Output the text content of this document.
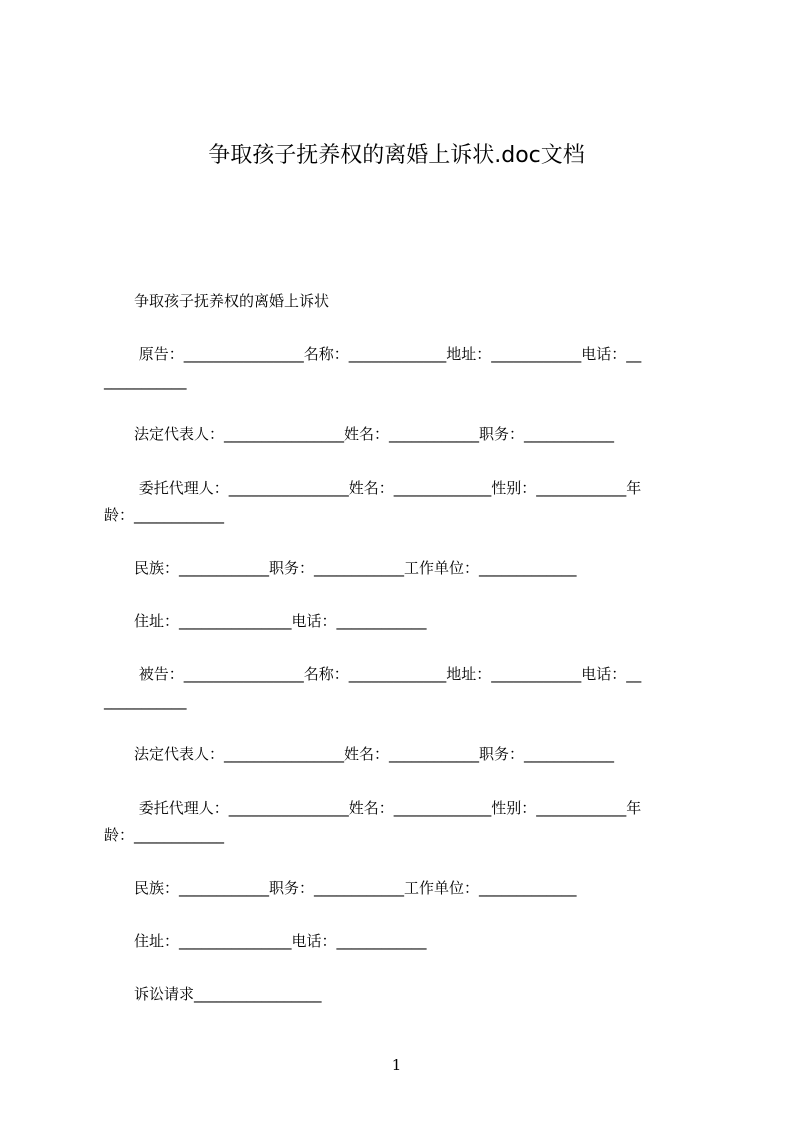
争取孩子抚养权的离婚上诉状.doc文档
　　争取孩子抚养权的离婚上诉状
　　 原告：________________名称：_____________地址：____________电话：__
___________
　　法定代表人：________________姓名：____________职务：____________
　　 委托代理人：________________姓名：_____________性别：____________年
龄：____________
　　民族：____________职务：____________工作单位：_____________
　　住址：_______________电话：____________
　　 被告：________________名称：_____________地址：____________电话：__
___________
　　法定代表人：________________姓名：____________职务：____________
　　 委托代理人：________________姓名：_____________性别：____________年
龄：____________
　　民族：____________职务：____________工作单位：_____________
　　住址：_______________电话：____________
　　诉讼请求_________________
1
